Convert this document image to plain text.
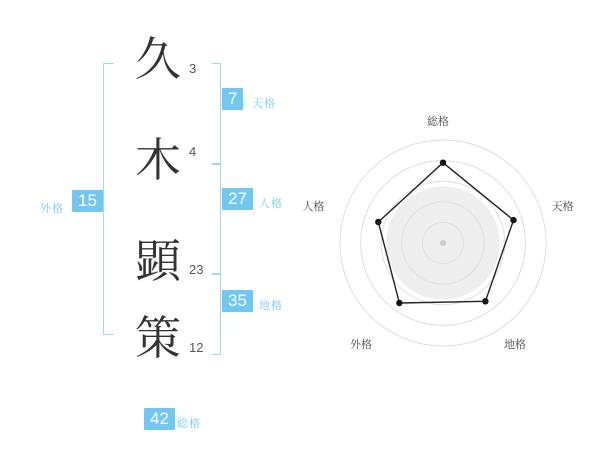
久
木
顕
策
3
4
23
12
7	天格
27	人格
35	地格
外格 15
42 総格
総格
天格
地格
外格
人格
